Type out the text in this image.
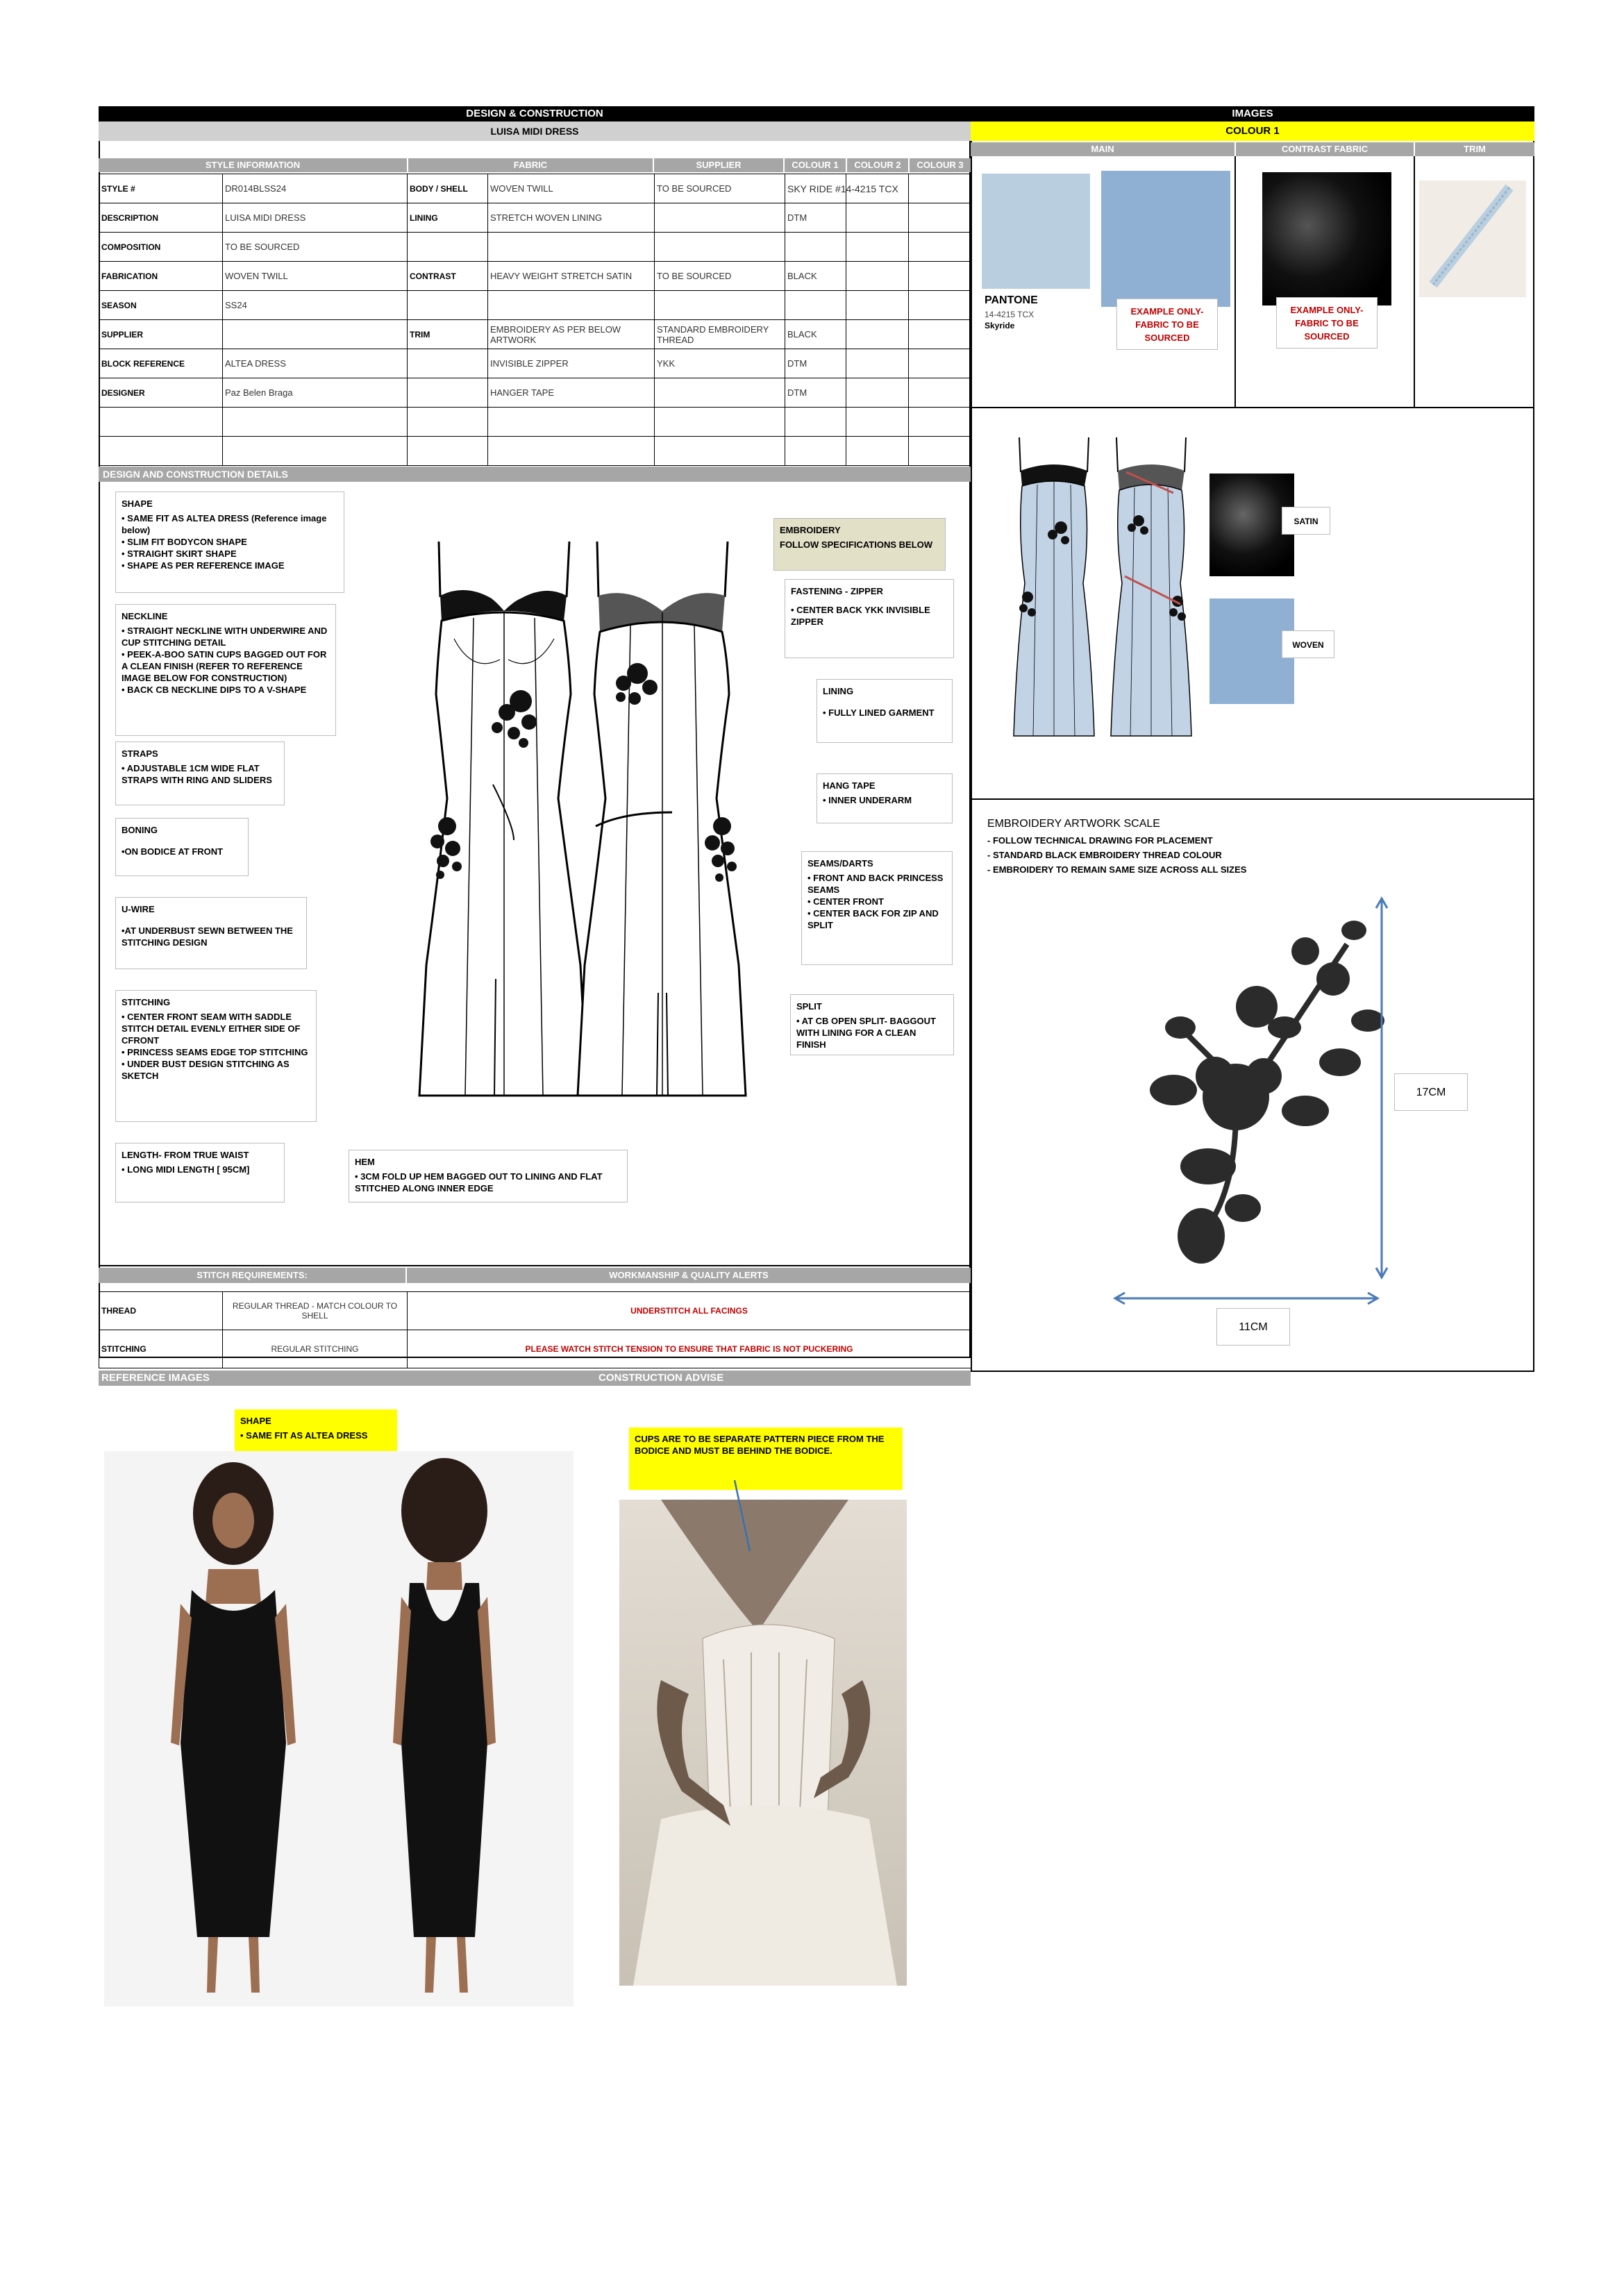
DESIGN & CONSTRUCTION
LUISA MIDI DRESS
STYLE INFORMATION	FABRIC	SUPPLIER	COLOUR 1	COLOUR 2	COLOUR 3
STYLE #	DR014BLSS24	BODY / SHELL	WOVEN TWILL	TO BE SOURCED	SKY RIDE #14-4215 TCX		
DESCRIPTION	LUISA MIDI DRESS	LINING	STRETCH WOVEN LINING		DTM		
COMPOSITION	TO BE SOURCED						
FABRICATION	WOVEN TWILL	CONTRAST	HEAVY WEIGHT STRETCH SATIN	TO BE SOURCED	BLACK		
SEASON	SS24						
SUPPLIER		TRIM	EMBROIDERY AS PER BELOW ARTWORK	STANDARD EMBROIDERY THREAD	BLACK		
BLOCK REFERENCE	ALTEA DRESS		INVISIBLE ZIPPER	YKK	DTM		
DESIGNER	Paz Belen Braga		HANGER TAPE		DTM		

DESIGN AND CONSTRUCTION DETAILS
SHAPE
• SAME FIT AS ALTEA DRESS (Reference image below)
• SLIM FIT BODYCON SHAPE
• STRAIGHT SKIRT SHAPE
• SHAPE AS PER REFERENCE IMAGE
NECKLINE
• STRAIGHT NECKLINE WITH UNDERWIRE AND CUP STITCHING DETAIL
• PEEK-A-BOO SATIN CUPS BAGGED OUT FOR A CLEAN FINISH (REFER TO REFERENCE IMAGE BELOW FOR CONSTRUCTION)
• BACK CB NECKLINE DIPS TO A V-SHAPE
STRAPS
• ADJUSTABLE 1CM WIDE FLAT STRAPS WITH RING AND SLIDERS
BONING
•ON BODICE AT FRONT
U-WIRE
•AT UNDERBUST SEWN BETWEEN THE STITCHING DESIGN
STITCHING
• CENTER FRONT SEAM WITH SADDLE STITCH DETAIL EVENLY EITHER SIDE OF CFRONT
• PRINCESS SEAMS EDGE TOP STITCHING
• UNDER BUST DESIGN STITCHING AS SKETCH
LENGTH- FROM TRUE WAIST
• LONG MIDI LENGTH [ 95CM]
HEM
• 3CM FOLD UP HEM BAGGED OUT TO LINING AND FLAT STITCHED ALONG INNER EDGE
EMBROIDERY
FOLLOW SPECIFICATIONS BELOW
FASTENING - ZIPPER
• CENTER BACK YKK INVISIBLE ZIPPER
LINING
• FULLY LINED GARMENT
HANG TAPE
• INNER UNDERARM
SEAMS/DARTS
• FRONT AND BACK PRINCESS SEAMS
• CENTER FRONT
• CENTER BACK FOR ZIP AND SPLIT
SPLIT
• AT CB OPEN SPLIT- BAGGOUT WITH LINING FOR A CLEAN FINISH
STITCH REQUIREMENTS:	WORKMANSHIP & QUALITY ALERTS
THREAD	REGULAR THREAD - MATCH COLOUR TO SHELL	UNDERSTITCH ALL FACINGS
STITCHING	REGULAR STITCHING	PLEASE WATCH STITCH TENSION TO ENSURE THAT FABRIC IS NOT PUCKERING
REFERENCE IMAGES	CONSTRUCTION ADVISE
SHAPE
• SAME FIT AS ALTEA DRESS	CUPS ARE TO BE SEPARATE PATTERN PIECE FROM THE BODICE AND MUST BE BEHIND THE BODICE.
IMAGES
COLOUR 1
MAIN	CONTRAST FABRIC	TRIM
PANTONE
14-4215 TCX
Skyride
EXAMPLE ONLY- FABRIC TO BE SOURCED
EXAMPLE ONLY- FABRIC TO BE SOURCED
SATIN
WOVEN
EMBROIDERY ARTWORK SCALE
- FOLLOW TECHNICAL DRAWING FOR PLACEMENT
- STANDARD BLACK EMBROIDERY THREAD COLOUR
- EMBROIDERY TO REMAIN SAME SIZE ACROSS ALL SIZES
17CM
11CM
